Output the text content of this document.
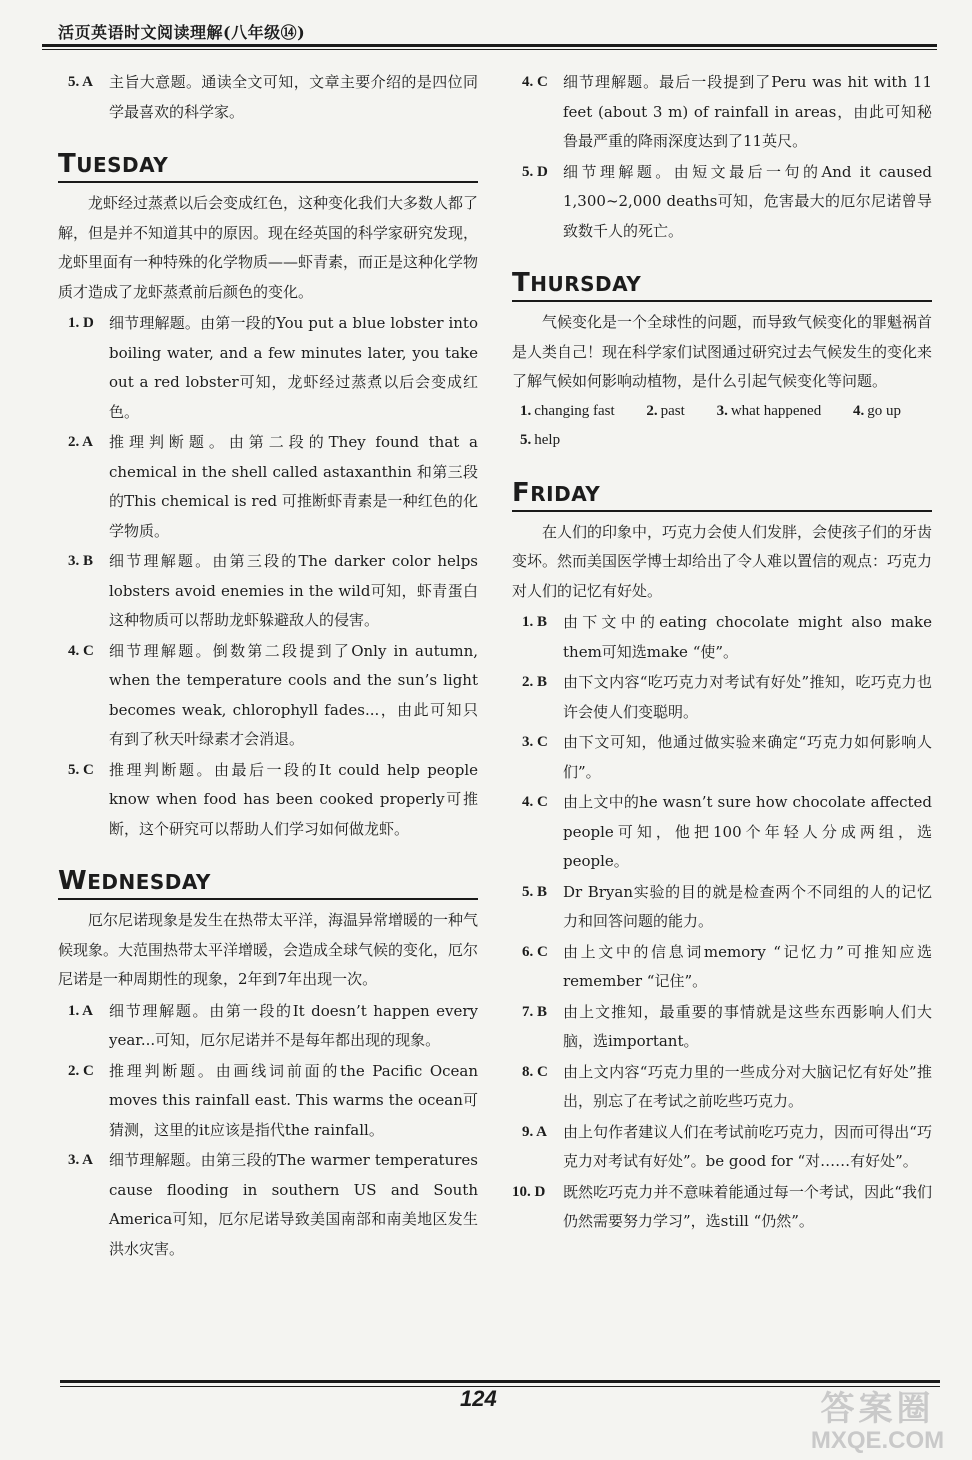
活页英语时文阅读理解(八年级⑭)
5. A 主旨大意题。通读全文可知，文章主要介绍的是四位同学最喜欢的科学家。
TUESDAY

龙虾经过蒸煮以后会变成红色，这种变化我们大多数人都了解，但是并不知道其中的原因。现在经英国的科学家研究发现，龙虾里面有一种特殊的化学物质——虾青素，而正是这种化学物质才造成了龙虾蒸煮前后颜色的变化。

1. D 细节理解题。由第一段的You put a blue lobster into boiling water, and a few minutes later, you take out a red lobster可知，龙虾经过蒸煮以后会变成红色。
2. A 推理判断题。由第二段的They found that a chemical in the shell called astaxanthin 和第三段的This chemical is red 可推断虾青素是一种红色的化学物质。
3. B 细节理解题。由第三段的The darker color helps lobsters avoid enemies in the wild可知，虾青蛋白这种物质可以帮助龙虾躲避敌人的侵害。
4. C 细节理解题。倒数第二段提到了Only in autumn, when the temperature cools and the sun’s light becomes weak, chlorophyll fades...，由此可知只有到了秋天叶绿素才会消退。
5. C 推理判断题。由最后一段的It could help people know when food has been cooked properly可推断，这个研究可以帮助人们学习如何做龙虾。
WEDNESDAY

厄尔尼诺现象是发生在热带太平洋，海温异常增暖的一种气候现象。大范围热带太平洋增暖，会造成全球气候的变化，厄尔尼诺是一种周期性的现象，2年到7年出现一次。

1. A 细节理解题。由第一段的It doesn’t happen every year...可知，厄尔尼诺并不是每年都出现的现象。
2. C 推理判断题。由画线词前面的the Pacific Ocean moves this rainfall east. This warms the ocean可猜测，这里的it应该是指代the rainfall。
3. A 细节理解题。由第三段的The warmer temperatures cause flooding in southern US and South America可知，厄尔尼诺导致美国南部和南美地区发生洪水灾害。
4. C 细节理解题。最后一段提到了Peru was hit with 11 feet (about 3 m) of rainfall in areas，由此可知秘鲁最严重的降雨深度达到了11英尺。
5. D 细节理解题。由短文最后一句的And it caused 1,300~2,000 deaths可知，危害最大的厄尔尼诺曾导致数千人的死亡。
THURSDAY

气候变化是一个全球性的问题，而导致气候变化的罪魁祸首是人类自己！现在科学家们试图通过研究过去气候发生的变化来了解气候如何影响动植物，是什么引起气候变化等问题。

1. changing fast 2. past 3. what happened 4. go up
5. help
FRIDAY

在人们的印象中，巧克力会使人们发胖，会使孩子们的牙齿变坏。然而美国医学博士却给出了令人难以置信的观点：巧克力对人们的记忆有好处。

1. B 由下文中的eating chocolate might also make them可知选make “使”。
2. B 由下文内容“吃巧克力对考试有好处”推知，吃巧克力也许会使人们变聪明。
3. C 由下文可知，他通过做实验来确定“巧克力如何影响人们”。
4. C 由上文中的he wasn’t sure how chocolate affected people可知，他把100个年轻人分成两组，选people。
5. B Dr Bryan实验的目的就是检查两个不同组的人的记忆力和回答问题的能力。
6. C 由上文中的信息词memory “记忆力”可推知应选remember “记住”。
7. B 由上文推知，最重要的事情就是这些东西影响人们大脑，选important。
8. C 由上文内容“巧克力里的一些成分对大脑记忆有好处”推出，别忘了在考试之前吃些巧克力。
9. A 由上句作者建议人们在考试前吃巧克力，因而可得出“巧克力对考试有好处”。be good for “对……有好处”。
10. D 既然吃巧克力并不意味着能通过每一个考试，因此“我们仍然需要努力学习”，选still “仍然”。
124	答案圈
MXQE.COM
